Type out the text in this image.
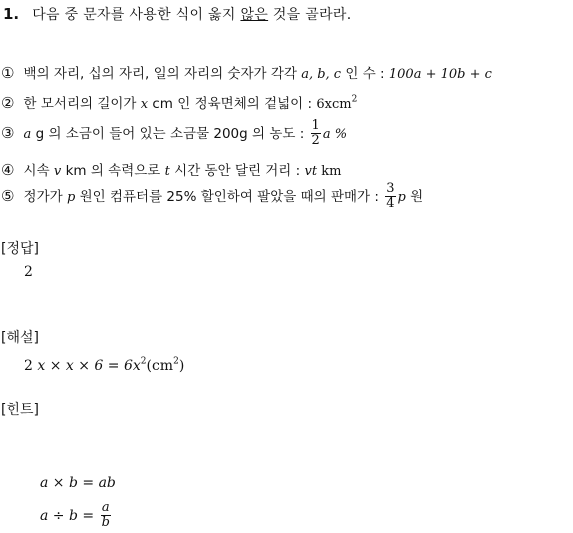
1. 다음 중 문자를 사용한 식이 옳지 않은 것을 골라라.
① 백의 자리, 십의 자리, 일의 자리의 숫자가 각각 a, b, c 인 수 : 100a + 10b + c
② 한 모서리의 길이가 x cm 인 정육면체의 겉넓이 : 6xcm$^2$
③ a g 의 소금이 들어 있는 소금물 200g 의 농도 : $\frac{1}{2}$ a %
④ 시속 v km 의 속력으로 t 시간 동안 달린 거리 : vt km
⑤ 정가가 p 원인 컴퓨터를 25% 할인하여 팔았을 때의 판매가 : $\frac{3}{4}$ p 원
[정답]
2
[해설]
2 $x \times x \times 6 = 6x^2(cm^2)$
[힌트]
a × b = ab
$a \div b = \frac{a}{b}$
